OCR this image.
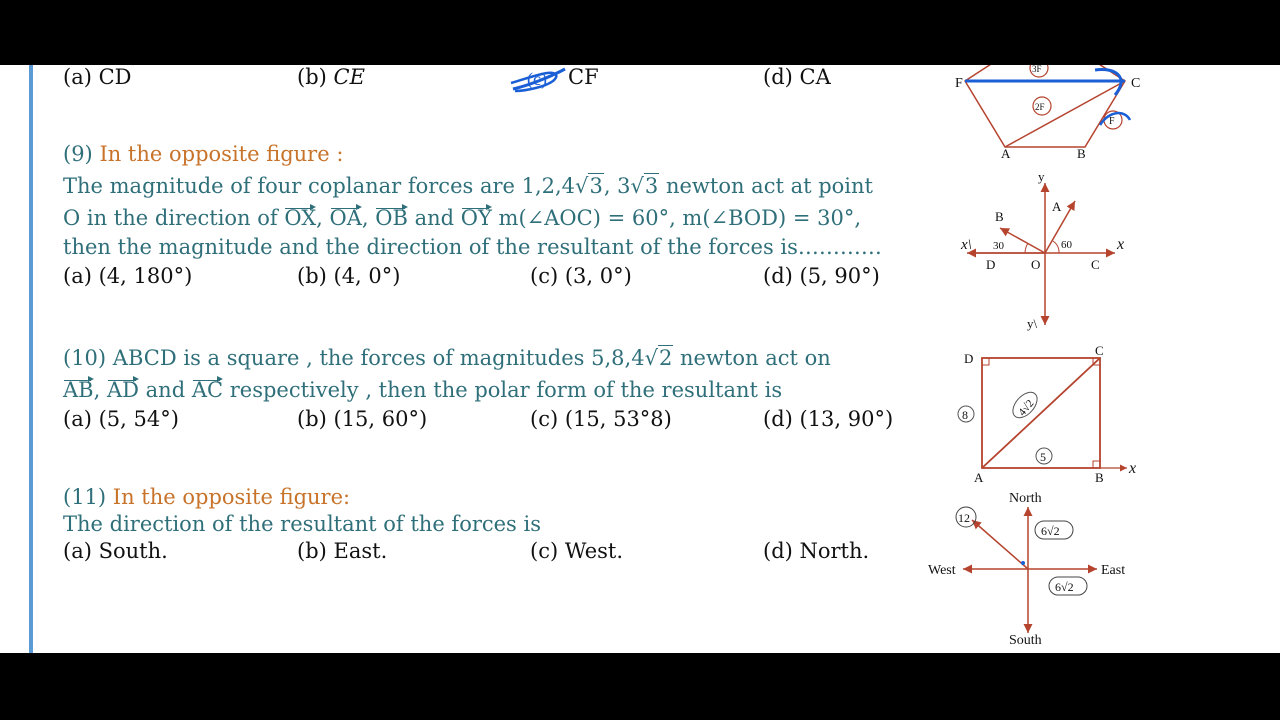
(a) CD	(b) CE	CF
(c)	(d) CA
(9) In the opposite figure :
The magnitude of four coplanar forces are 1,2,4√3, 3√3 newton act at point
O in the direction of OX, OA, OB and OY m(∠AOC) = 60°, m(∠BOD) = 30°,
then the magnitude and the direction of the resultant of the forces is…………
(a) (4, 180°)	(b) (4, 0°)	(c) (3, 0°)	(d) (5, 90°)
(10) ABCD is a square , the forces of magnitudes 5,8,4√2 newton act on
AB, AD and AC respectively , then the polar form of the resultant is
(a) (5, 54°)	(b) (15, 60°)	(c) (15, 53°8)	(d) (13, 90°)
(11) In the opposite figure:
The direction of the resultant of the forces is
(a) South.	(b) East.	(c) West.	(d) North.
F	C
A	B
3F
2F
F
y
x
x\
y\
A
B
C
D	O
30	60
D
C
A	B
x
8
5
4√2
North
South
West	East
12
6√2
6√2
